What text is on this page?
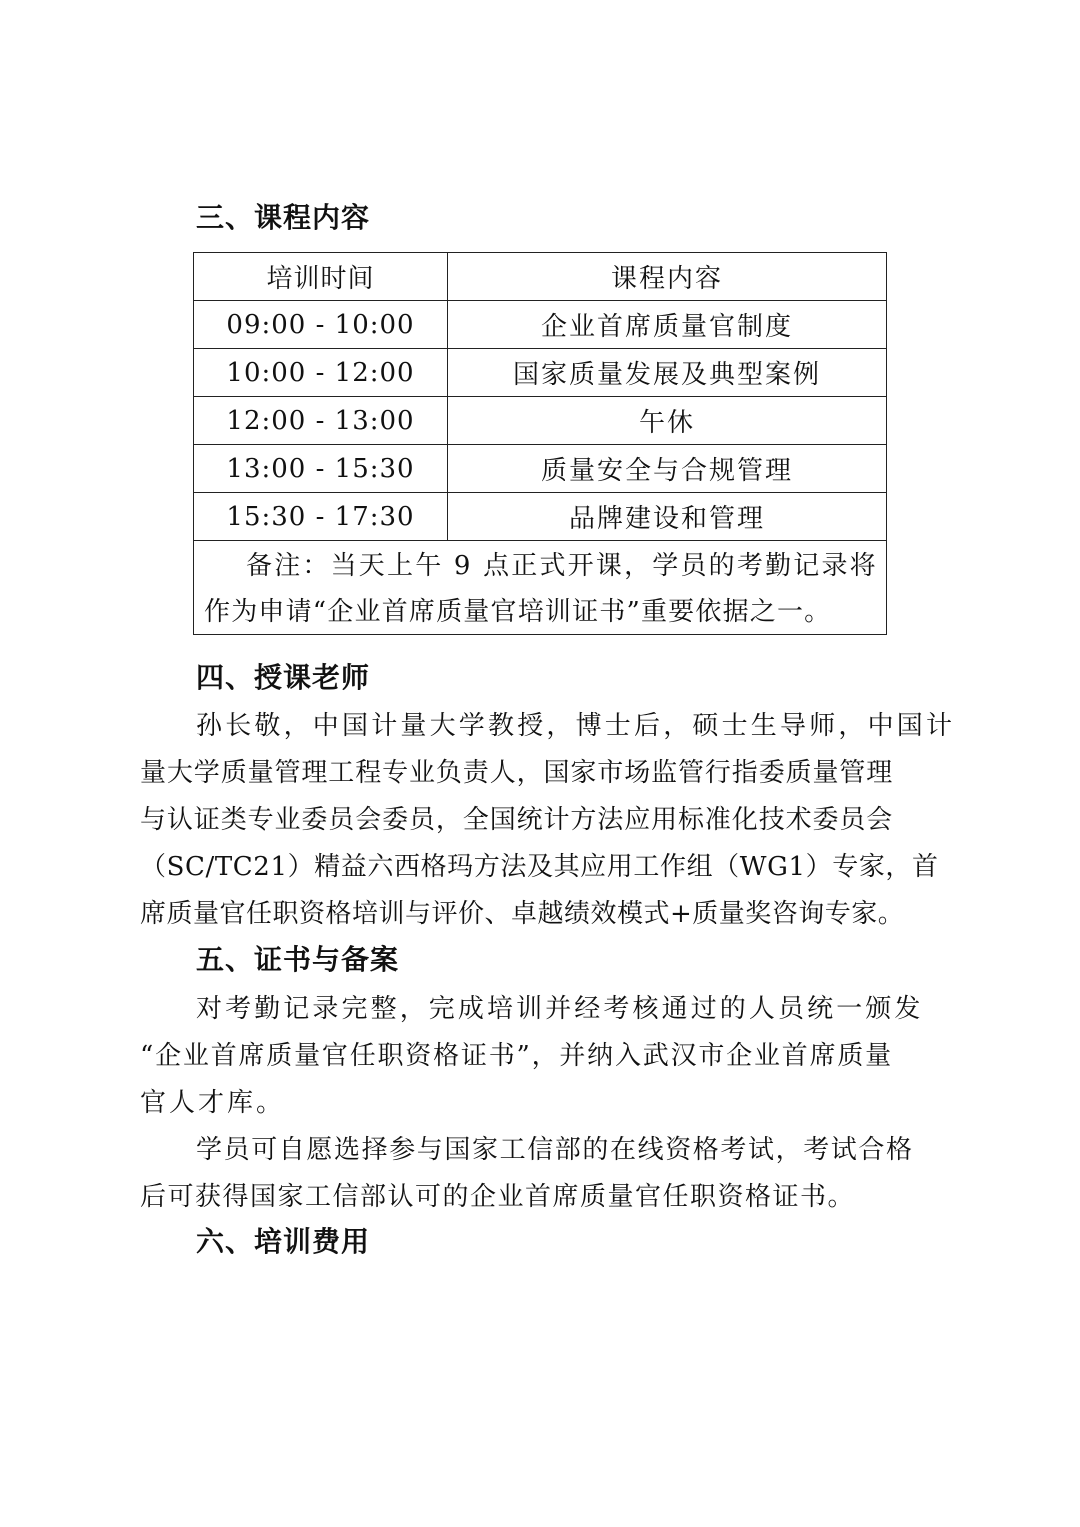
三、课程内容
培训时间	课程内容
09:00 - 10:00	企业首席质量官制度
10:00 - 12:00	国家质量发展及典型案例
12:00 - 13:00	午休
13:00 - 15:30	质量安全与合规管理
15:30 - 17:30	品牌建设和管理
备注：当天上午 9 点正式开课，学员的考勤记录将
作为申请“企业首席质量官培训证书”重要依据之一。
四、授课老师
孙长敬，中国计量大学教授，博士后，硕士生导师，中国计
量大学质量管理工程专业负责人，国家市场监管行指委质量管理
与认证类专业委员会委员，全国统计方法应用标准化技术委员会
（SC/TC21）精益六西格玛方法及其应用工作组（WG1）专家，首
席质量官任职资格培训与评价、卓越绩效模式+质量奖咨询专家。
五、证书与备案
对考勤记录完整，完成培训并经考核通过的人员统一颁发
“企业首席质量官任职资格证书”，并纳入武汉市企业首席质量
官人才库。
学员可自愿选择参与国家工信部的在线资格考试，考试合格
后可获得国家工信部认可的企业首席质量官任职资格证书。
六、培训费用
